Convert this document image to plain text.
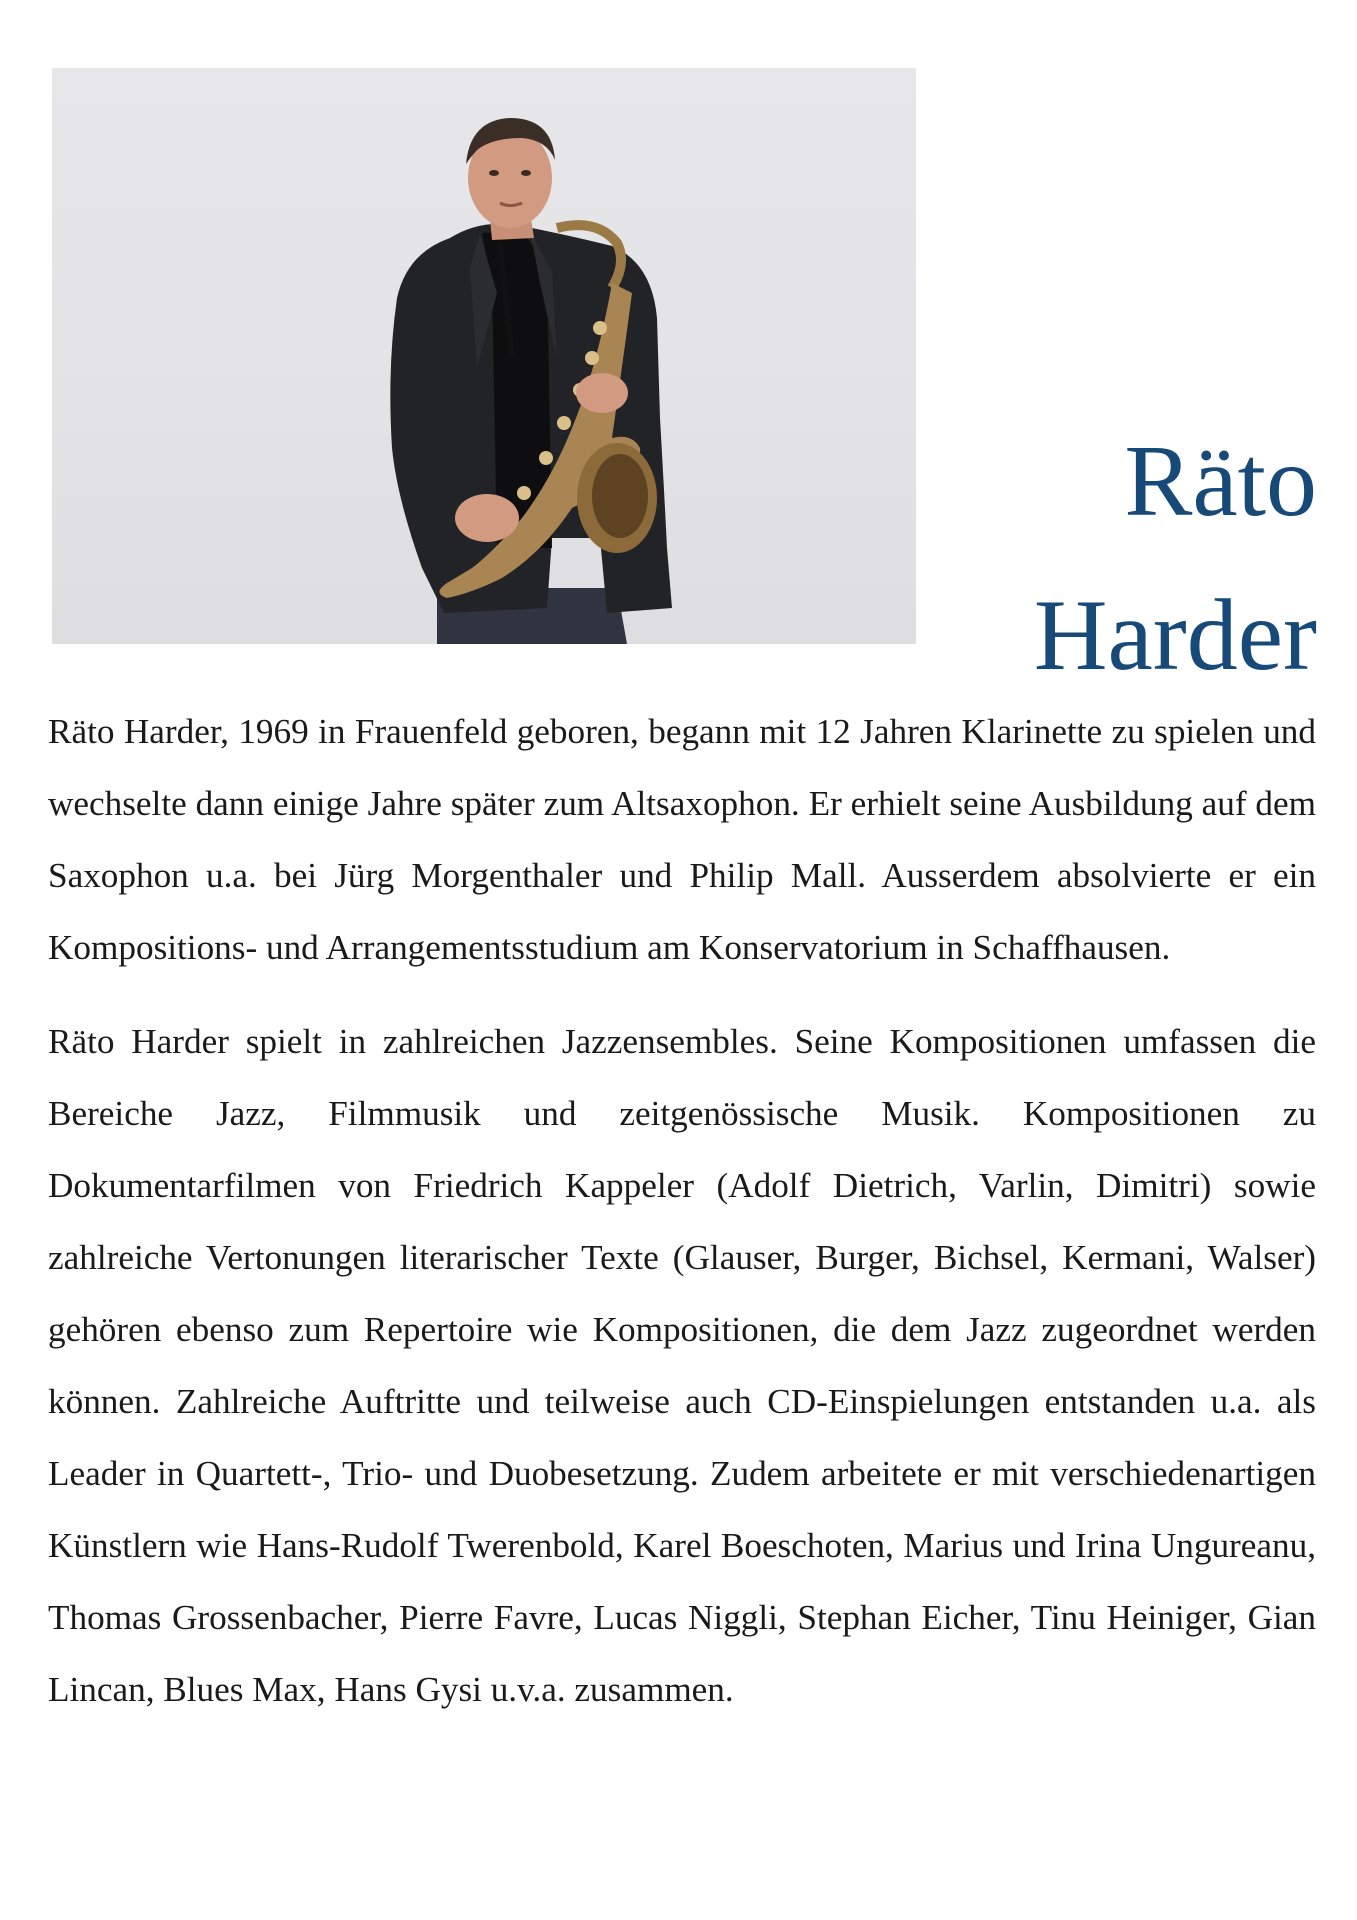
Räto
Harder

Räto Harder, 1969 in Frauenfeld geboren, begann mit 12 Jahren Klarinette zu spielen und wechselte dann einige Jahre später zum Altsaxophon. Er erhielt seine Ausbildung auf dem Saxophon u.a. bei Jürg Morgenthaler und Philip Mall. Ausserdem absolvierte er ein Kompositions- und Arrangementsstudium am Konservatorium in Schaffhausen.

Räto Harder spielt in zahlreichen Jazzensembles. Seine Kompositionen umfassen die Bereiche Jazz, Filmmusik und zeitgenössische Musik. Kompositionen zu Dokumentarfilmen von Friedrich Kappeler (Adolf Dietrich, Varlin, Dimitri) sowie zahlreiche Vertonungen literarischer Texte (Glauser, Burger, Bichsel, Kermani, Walser) gehören ebenso zum Repertoire wie Kompositionen, die dem Jazz zugeordnet werden können. Zahlreiche Auftritte und teilweise auch CD-Einspielungen entstanden u.a. als Leader in Quartett-, Trio- und Duobesetzung. Zudem arbeitete er mit verschiedenartigen Künstlern wie Hans-Rudolf Twerenbold, Karel Boeschoten, Marius und Irina Ungureanu, Thomas Grossenbacher, Pierre Favre, Lucas Niggli, Stephan Eicher, Tinu Heiniger, Gian Lincan, Blues Max, Hans Gysi u.v.a. zusammen.
